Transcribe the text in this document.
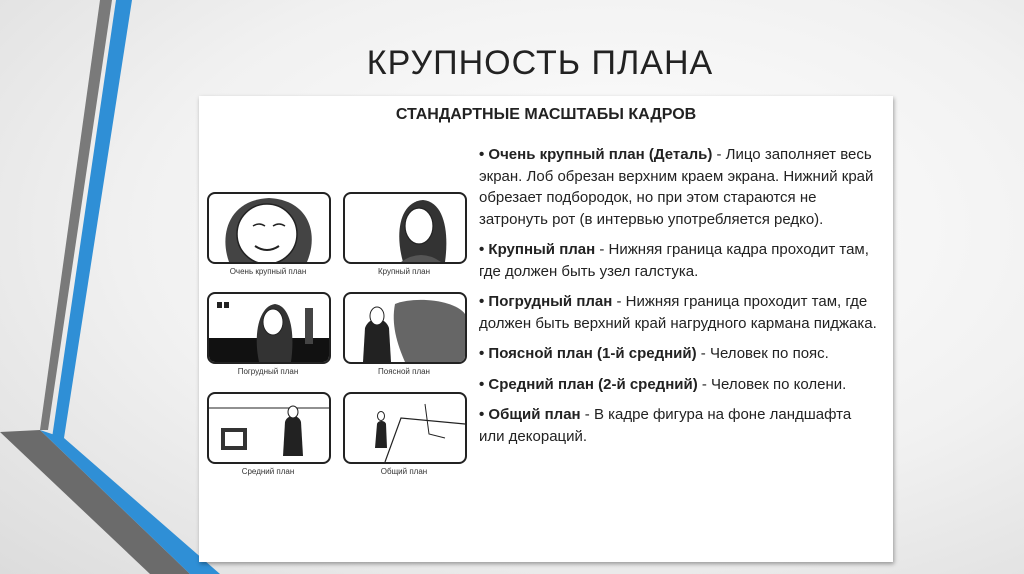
КРУПНОСТЬ ПЛАНА
СТАНДАРТНЫЕ МАСШТАБЫ КАДРОВ
Очень крупный план	Крупный план
Погрудный план	Поясной план
Средний план	Общий план

• Очень крупный план (Деталь) - Лицо заполняет весь экран. Лоб обрезан верхним краем экрана. Нижний край обрезает подбородок, но при этом стараются не затронуть рот (в интервью употребляется редко).

• Крупный план - Нижняя граница кадра проходит там, где должен быть узел галстука.

• Погрудный план - Нижняя граница проходит там, где должен быть верхний край нагрудного кармана пиджака.

• Поясной план (1-й средний) - Человек по пояс.

• Средний план (2-й средний) - Человек по колени.

• Общий план - В кадре фигура на фоне ландшафта или декораций.
